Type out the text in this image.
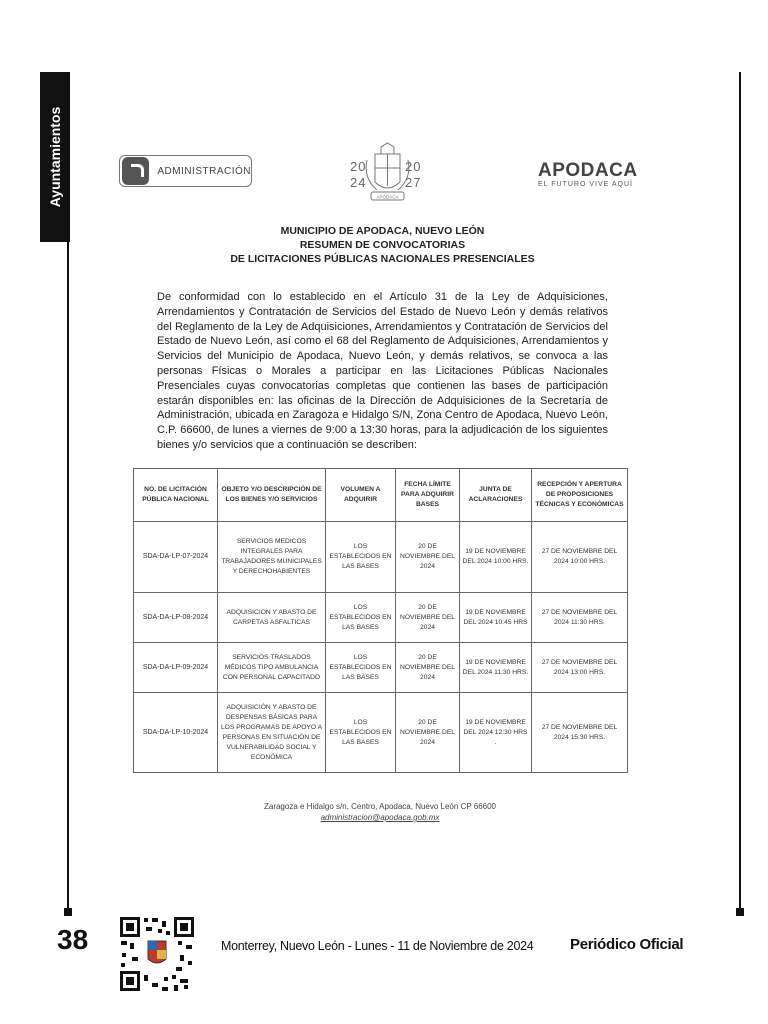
Ayuntamientos	ADMINISTRACIÓN	20	20
24	27
APODACA
APODACA
EL FUTURO VIVE AQUÍ
MUNICIPIO DE APODACA, NUEVO LEÓN
RESUMEN DE CONVOCATORIAS
DE LICITACIONES PÚBLICAS NACIONALES PRESENCIALES

De conformidad con lo establecido en el Artículo 31 de la Ley de Adquisiciones, Arrendamientos y Contratación de Servicios del Estado de Nuevo León y demás relativos del Reglamento de la Ley de Adquisiciones, Arrendamientos y Contratación de Servicios del Estado de Nuevo León, así como el 68 del Reglamento de Adquisiciones, Arrendamientos y Servicios del Municipio de Apodaca, Nuevo León, y demás relativos, se convoca a las personas Físicas o Morales a participar en las Licitaciones Públicas Nacionales Presenciales cuyas convocatorias completas que contienen las bases de participación estarán disponibles en: las oficinas de la Dirección de Adquisiciones de la Secretaría de Administración, ubicada en Zaragoza e Hidalgo S/N, Zona Centro de Apodaca, Nuevo León, C.P. 66600, de lunes a viernes de 9:00 a 13:30 horas, para la adjudicación de los siguientes bienes y/o servicios que a continuación se describen:

NO. DE LICITACIÓN PÚBLICA NACIONAL	OBJETO Y/O DESCRIPCIÓN DE LOS BIENES Y/O SERVICIOS	VOLUMEN A ADQUIRIR	FECHA LÍMITE PARA ADQUIRIR BASES	JUNTA DE ACLARACIONES	RECEPCIÓN Y APERTURA DE PROPOSICIONES TÉCNICAS Y ECONÓMICAS
SDA-DA-LP-07-2024	SERVICIOS MEDICOS INTEGRALES PARA TRABAJADORES MUNICIPALES Y DERECHOHABIENTES	LOS ESTABLECIDOS EN LAS BASES	20 DE NOVIEMBRE DEL 2024	19 DE NOVIEMBRE DEL 2024 10:00 HRS.	27 DE NOVIEMBRE DEL 2024 10:00 HRS.
SDA-DA-LP-08-2024	ADQUISICION Y ABASTO DE CARPETAS ASFALTICAS	LOS ESTABLECIDOS EN LAS BASES	20 DE NOVIEMBRE DEL 2024	19 DE NOVIEMBRE DEL 2024 10:45 HRS	27 DE NOVIEMBRE DEL 2024 11:30 HRS.
SDA-DA-LP-09-2024	SERVICIOS TRASLADOS MÉDICOS TIPO AMBULANCIA CON PERSONAL CAPACITADO	LOS ESTABLECIDOS EN LAS BASES	20 DE NOVIEMBRE DEL 2024	19 DE NOVIEMBRE DEL 2024 11:30 HRS.	27 DE NOVIEMBRE DEL 2024 13:00 HRS.
SDA-DA-LP-10-2024	ADQUISICIÓN Y ABASTO DE DESPENSAS BÁSICAS PARA LOS PROGRAMAS DE APOYO A PERSONAS EN SITUACIÓN DE VULNERABILIDAD SOCIAL Y ECONÓMICA	LOS ESTABLECIDOS EN LAS BASES	20 DE NOVIEMBRE DEL 2024	19 DE NOVIEMBRE DEL 2024 12:30 HRS .	27 DE NOVIEMBRE DEL 2024 15:30 HRS.
Zaragoza e Hidalgo s/n, Centro, Apodaca, Nuevo León CP 66600
administracion@apodaca.gob.mx
38	Monterrey, Nuevo León - Lunes - 11 de Noviembre de 2024 Periódico Oficial
